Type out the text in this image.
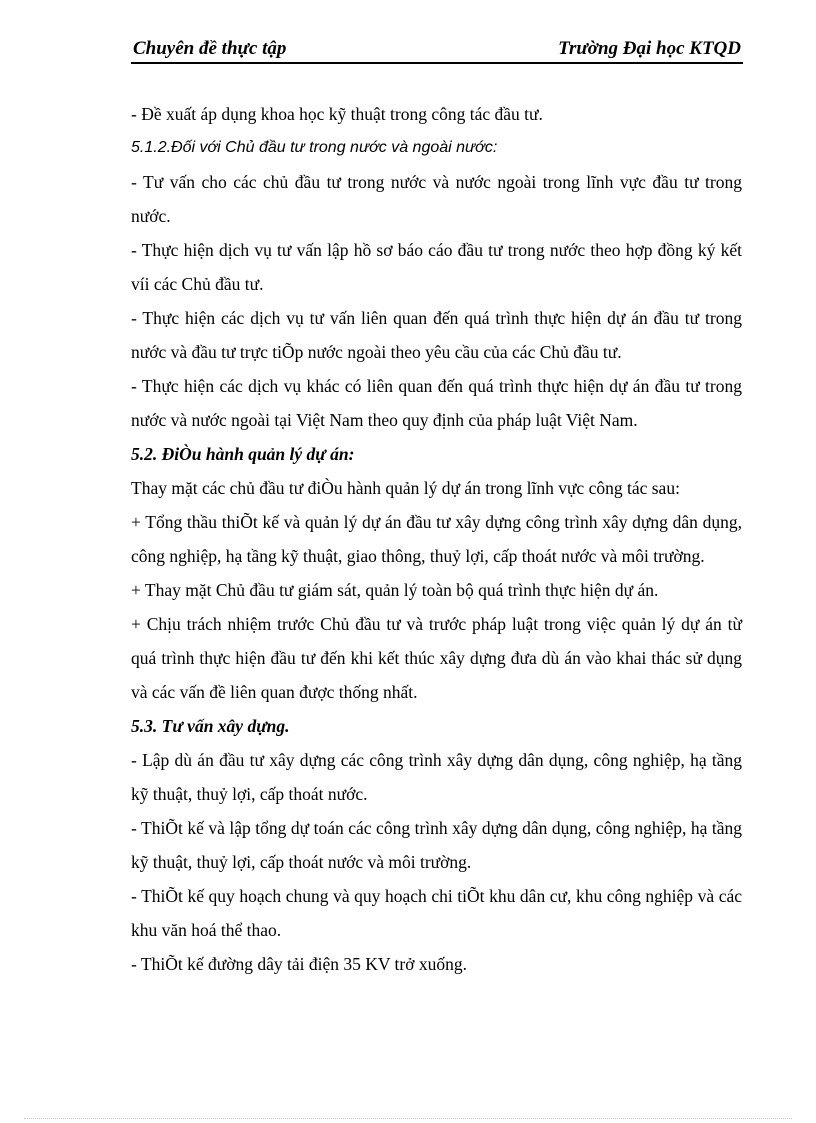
Chuyên đề thực tập	Trường Đại học KTQD

- Đề xuất áp dụng khoa học kỹ thuật trong công tác đầu tư.

5.1.2.Đối với Chủ đầu tư trong nước và ngoài nước:

- Tư vấn cho các chủ đầu tư trong nước và nước ngoài trong lĩnh vực đầu tư trong nước.

- Thực hiện dịch vụ tư vấn lập hồ sơ báo cáo đầu tư trong nước theo hợp đồng ký kết víi các Chủ đầu tư.

- Thực hiện các dịch vụ tư vấn liên quan đến quá trình thực hiện dự án đầu tư trong nước và đầu tư trực tiÕp nước ngoài theo yêu cầu của các Chủ đầu tư.

- Thực hiện các dịch vụ khác có liên quan đến quá trình thực hiện dự án đầu tư trong nước và nước ngoài tại Việt Nam theo quy định của pháp luật Việt Nam.

5.2. ĐiÒu hành quản lý dự án:

Thay mặt các chủ đầu tư điÒu hành quản lý dự án trong lĩnh vực công tác sau:

+ Tổng thầu thiÕt kế và quản lý dự án đầu tư xây dựng công trình xây dựng dân dụng, công nghiệp, hạ tầng kỹ thuật, giao thông, thuỷ lợi, cấp thoát nước và môi trường.

+ Thay mặt Chủ đầu tư giám sát, quản lý toàn bộ quá trình thực hiện dự án.

+ Chịu trách nhiệm trước Chủ đầu tư và trước pháp luật trong việc quản lý dự án từ quá trình thực hiện đầu tư đến khi kết thúc xây dựng đưa dù án vào khai thác sử dụng và các vấn đề liên quan được thống nhất.

5.3. Tư vấn xây dựng.

- Lập dù án đầu tư xây dựng các công trình xây dựng dân dụng, công nghiệp, hạ tầng kỹ thuật, thuỷ lợi, cấp thoát nước.

- ThiÕt kế và lập tổng dự toán các công trình xây dựng dân dụng, công nghiệp, hạ tầng kỹ thuật, thuỷ lợi, cấp thoát nước và môi trường.

- ThiÕt kế quy hoạch chung và quy hoạch chi tiÕt khu dân cư, khu công nghiệp và các khu văn hoá thể thao.

- ThiÕt kế đường dây tải điện 35 KV trở xuống.
